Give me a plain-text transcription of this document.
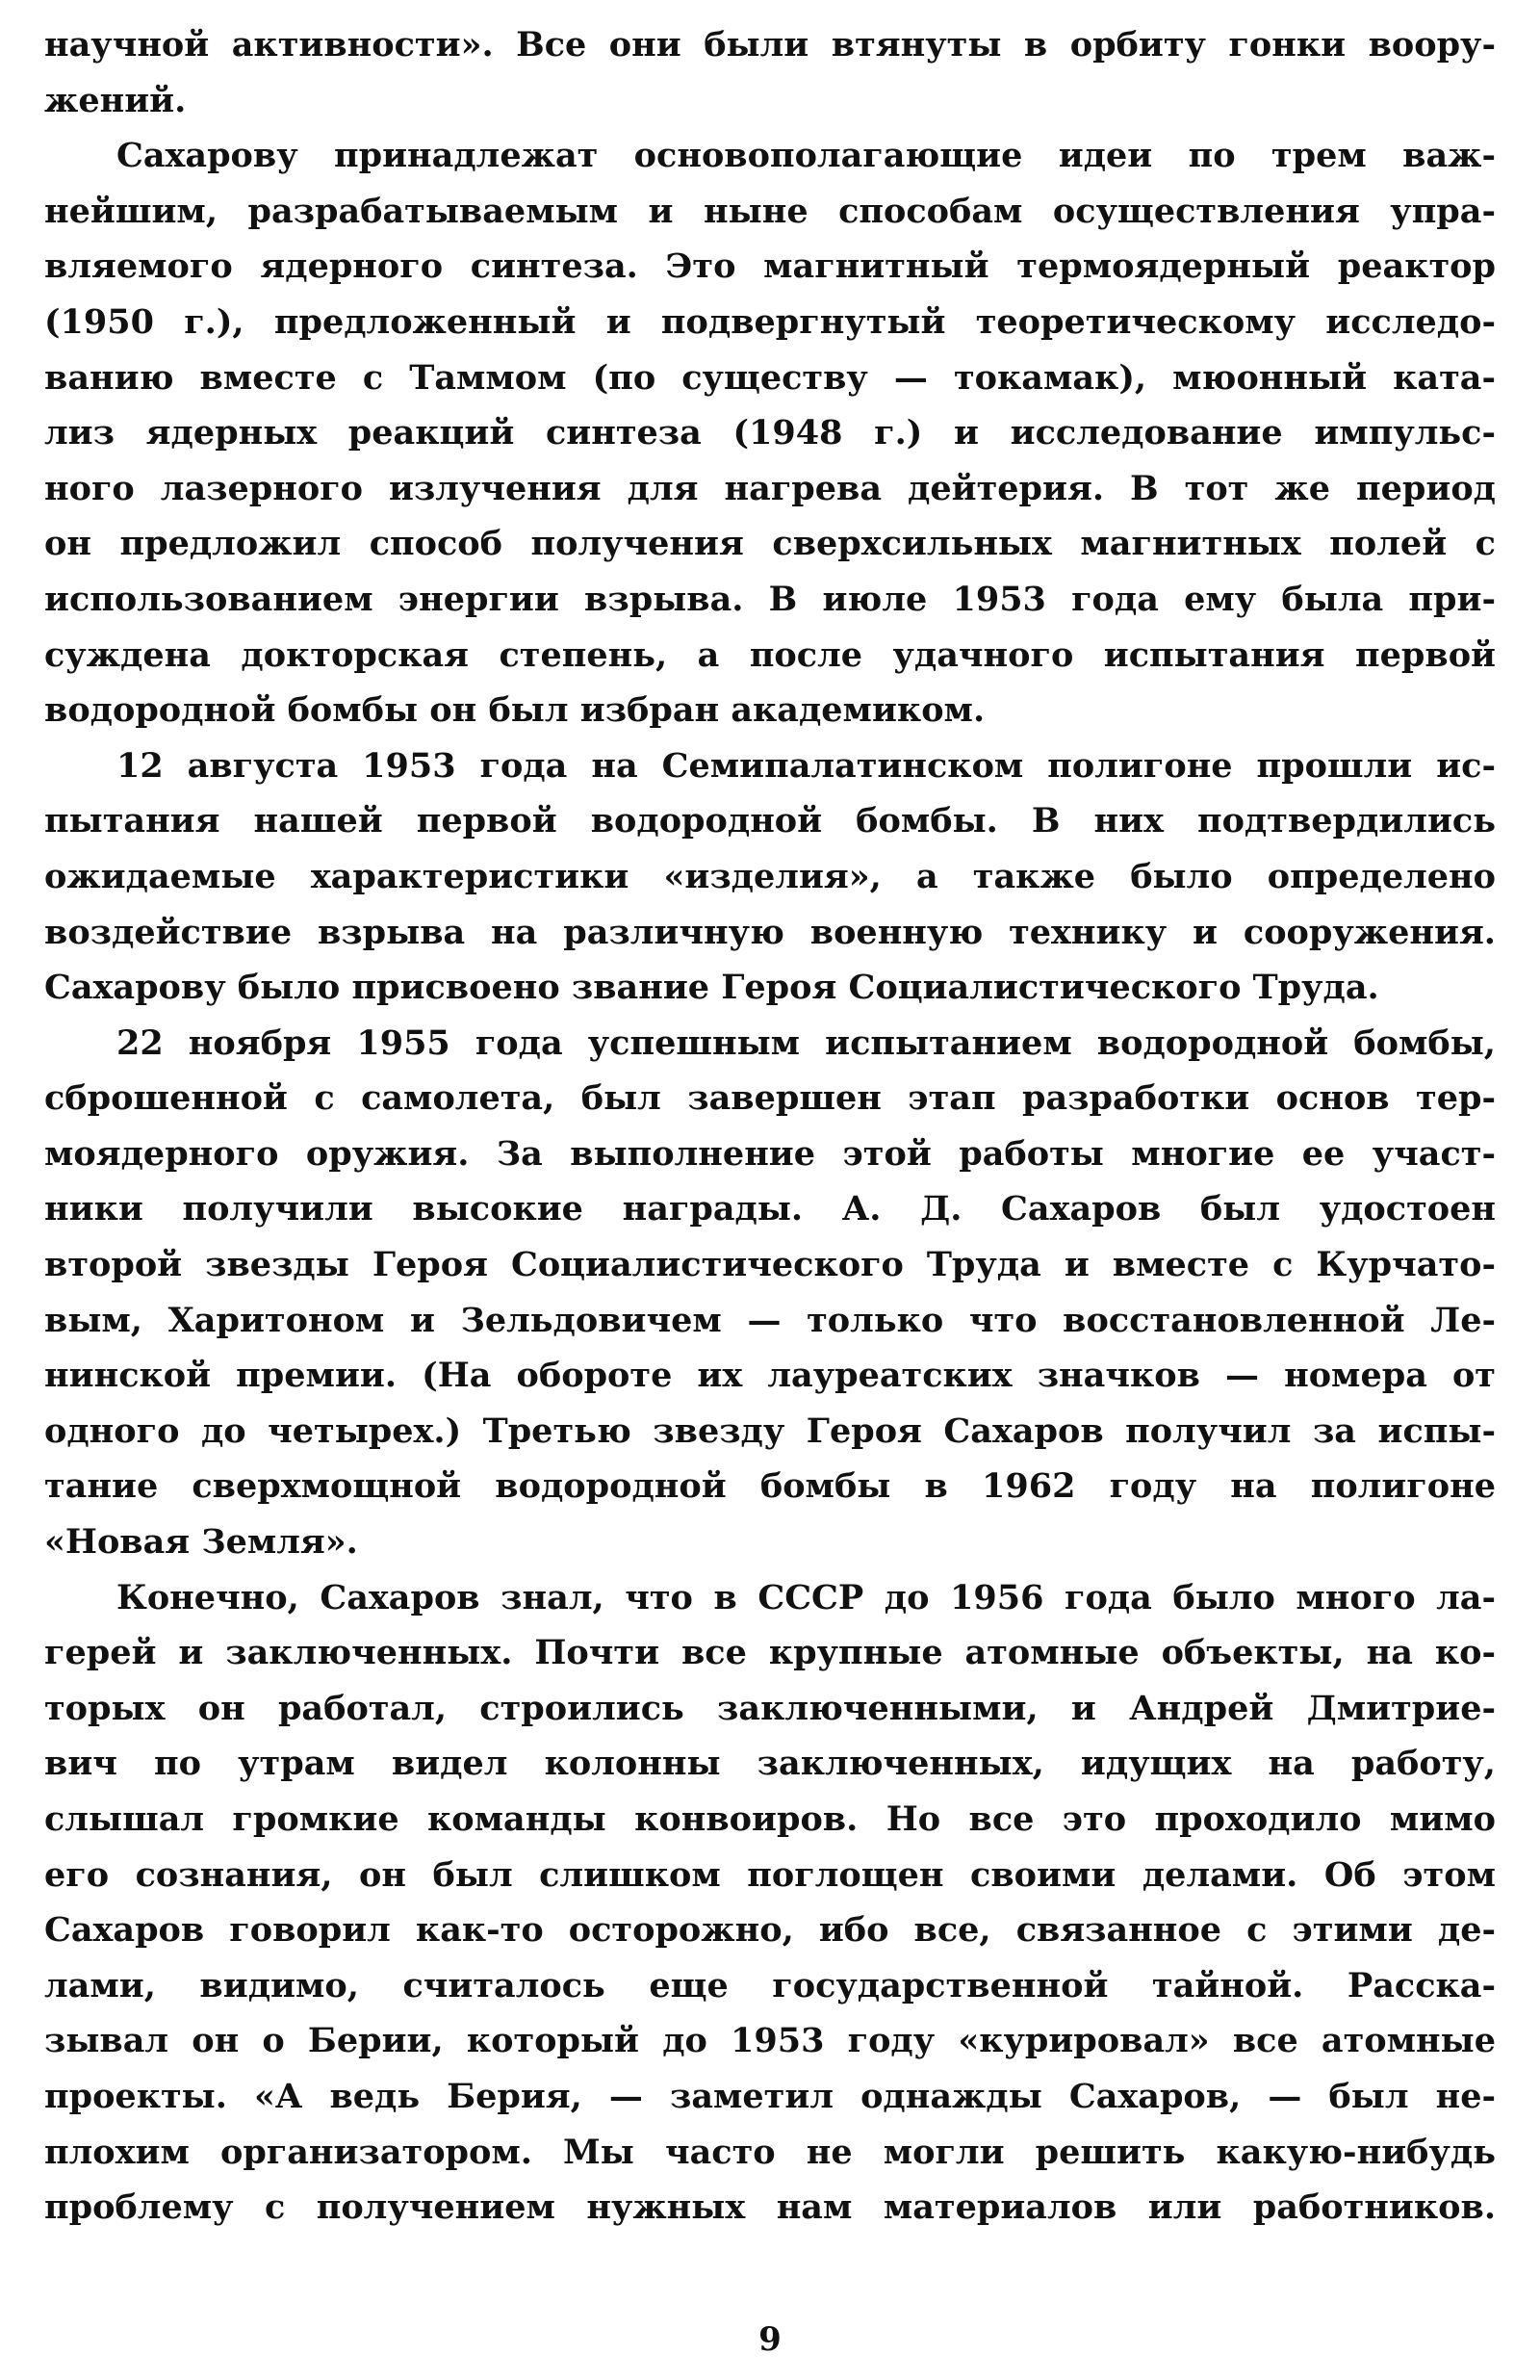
научной активности». Все они были втянуты в орбиту гонки воору-
жений.
Сахарову принадлежат основополагающие идеи по трем важ-
нейшим, разрабатываемым и ныне способам осуществления упра-
вляемого ядерного синтеза. Это магнитный термоядерный реактор
(1950 г.), предложенный и подвергнутый теоретическому исследо-
ванию вместе с Таммом (по существу — токамак), мюонный ката-
лиз ядерных реакций синтеза (1948 г.) и исследование импульс-
ного лазерного излучения для нагрева дейтерия. В тот же период
он предложил способ получения сверхсильных магнитных полей с
использованием энергии взрыва. В июле 1953 года ему была при-
суждена докторская степень, а после удачного испытания первой
водородной бомбы он был избран академиком.
12 августа 1953 года на Семипалатинском полигоне прошли ис-
пытания нашей первой водородной бомбы. В них подтвердились
ожидаемые характеристики «изделия», а также было определено
воздействие взрыва на различную военную технику и сооружения.
Сахарову было присвоено звание Героя Социалистического Труда.
22 ноября 1955 года успешным испытанием водородной бомбы,
сброшенной с самолета, был завершен этап разработки основ тер-
моядерного оружия. За выполнение этой работы многие ее участ-
ники получили высокие награды. А. Д. Сахаров был удостоен
второй звезды Героя Социалистического Труда и вместе с Курчато-
вым, Харитоном и Зельдовичем — только что восстановленной Ле-
нинской премии. (На обороте их лауреатских значков — номера от
одного до четырех.) Третью звезду Героя Сахаров получил за испы-
тание сверхмощной водородной бомбы в 1962 году на полигоне
«Новая Земля».
Конечно, Сахаров знал, что в СССР до 1956 года было много ла-
герей и заключенных. Почти все крупные атомные объекты, на ко-
торых он работал, строились заключенными, и Андрей Дмитрие-
вич по утрам видел колонны заключенных, идущих на работу,
слышал громкие команды конвоиров. Но все это проходило мимо
его сознания, он был слишком поглощен своими делами. Об этом
Сахаров говорил как-то осторожно, ибо все, связанное с этими де-
лами, видимо, считалось еще государственной тайной. Расска-
зывал он о Берии, который до 1953 году «курировал» все атомные
проекты. «А ведь Берия, — заметил однажды Сахаров, — был не-
плохим организатором. Мы часто не могли решить какую-нибудь
проблему с получением нужных нам материалов или работников.
9
